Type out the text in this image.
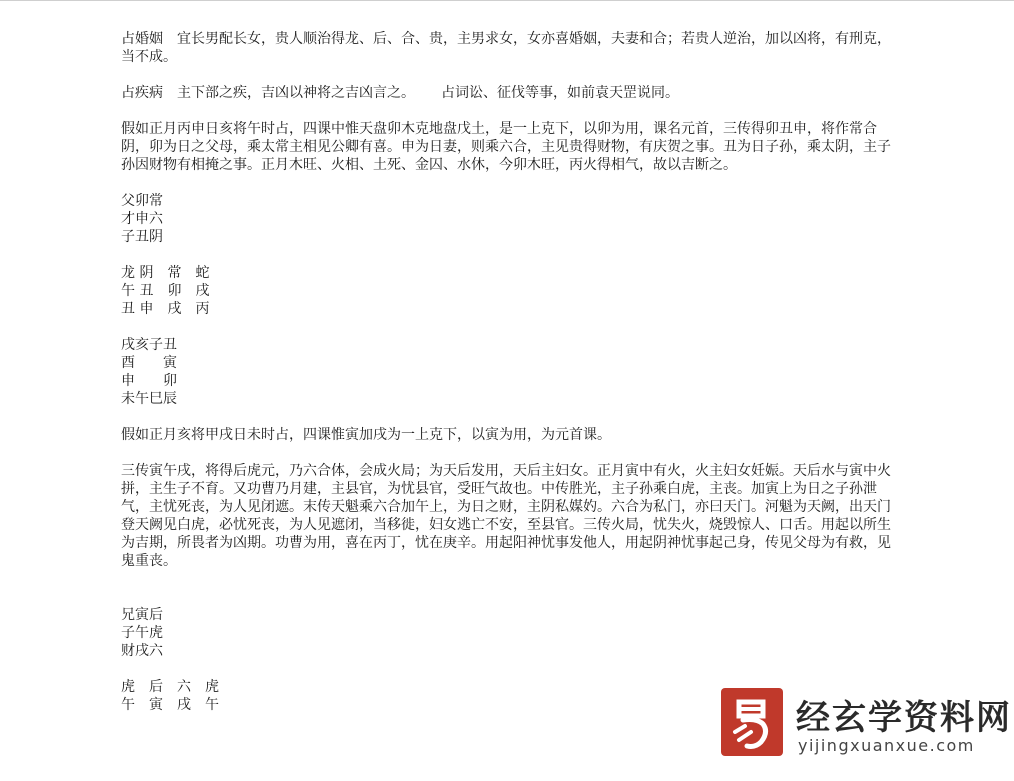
占婚姻　宜长男配长女，贵人顺治得龙、后、合、贵，主男求女，女亦喜婚姻，夫妻和合；若贵人逆治，加以凶将，有刑克，当不成。

占疾病　主下部之疾，吉凶以神将之吉凶言之。 占词讼、征伐等事，如前袁天罡说同。

假如正月丙申日亥将午时占，四课中惟天盘卯木克地盘戊土，是一上克下，以卯为用，课名元首，三传得卯丑申，将作常合阴，卯为日之父母，乘太常主相见公卿有喜。申为日妻，则乘六合，主见贵得财物，有庆贺之事。丑为日子孙，乘太阴，主子孙因财物有相掩之事。正月木旺、火相、土死、金囚、水休，今卯木旺，丙火得相气，故以吉断之。

父卯常
才申六
子丑阴
龙 阴　常　蛇
午 丑　卯　戌
丑 申　戌　丙
戌亥子丑
酉　　寅
申　　卯
未午巳辰

假如正月亥将甲戌日未时占，四课惟寅加戌为一上克下，以寅为用，为元首课。

三传寅午戌，将得后虎元，乃六合体，会成火局；为天后发用，天后主妇女。正月寅中有火，火主妇女妊娠。天后水与寅中火拼，主生子不育。又功曹乃月建，主县官，为忧县官，受旺气故也。中传胜光，主子孙乘白虎，主丧。加寅上为日之子孙泄气，主忧死丧，为人见闭遮。末传天魁乘六合加午上，为日之财，主阴私媒妁。六合为私门，亦曰天门。河魁为天阙，出天门登天阙见白虎，必忧死丧，为人见遮闭，当移徙，妇女逃亡不安，至县官。三传火局，忧失火，烧毁惊人、口舌。用起以所生为吉期，所畏者为凶期。功曹为用，喜在丙丁，忧在庚辛。用起阳神忧事发他人，用起阴神忧事起己身，传见父母为有救，见鬼重丧。

兄寅后
子午虎
财戌六
虎　后　六　虎
午　寅　戌　午	经玄学资料网
yijingxuanxue.com
